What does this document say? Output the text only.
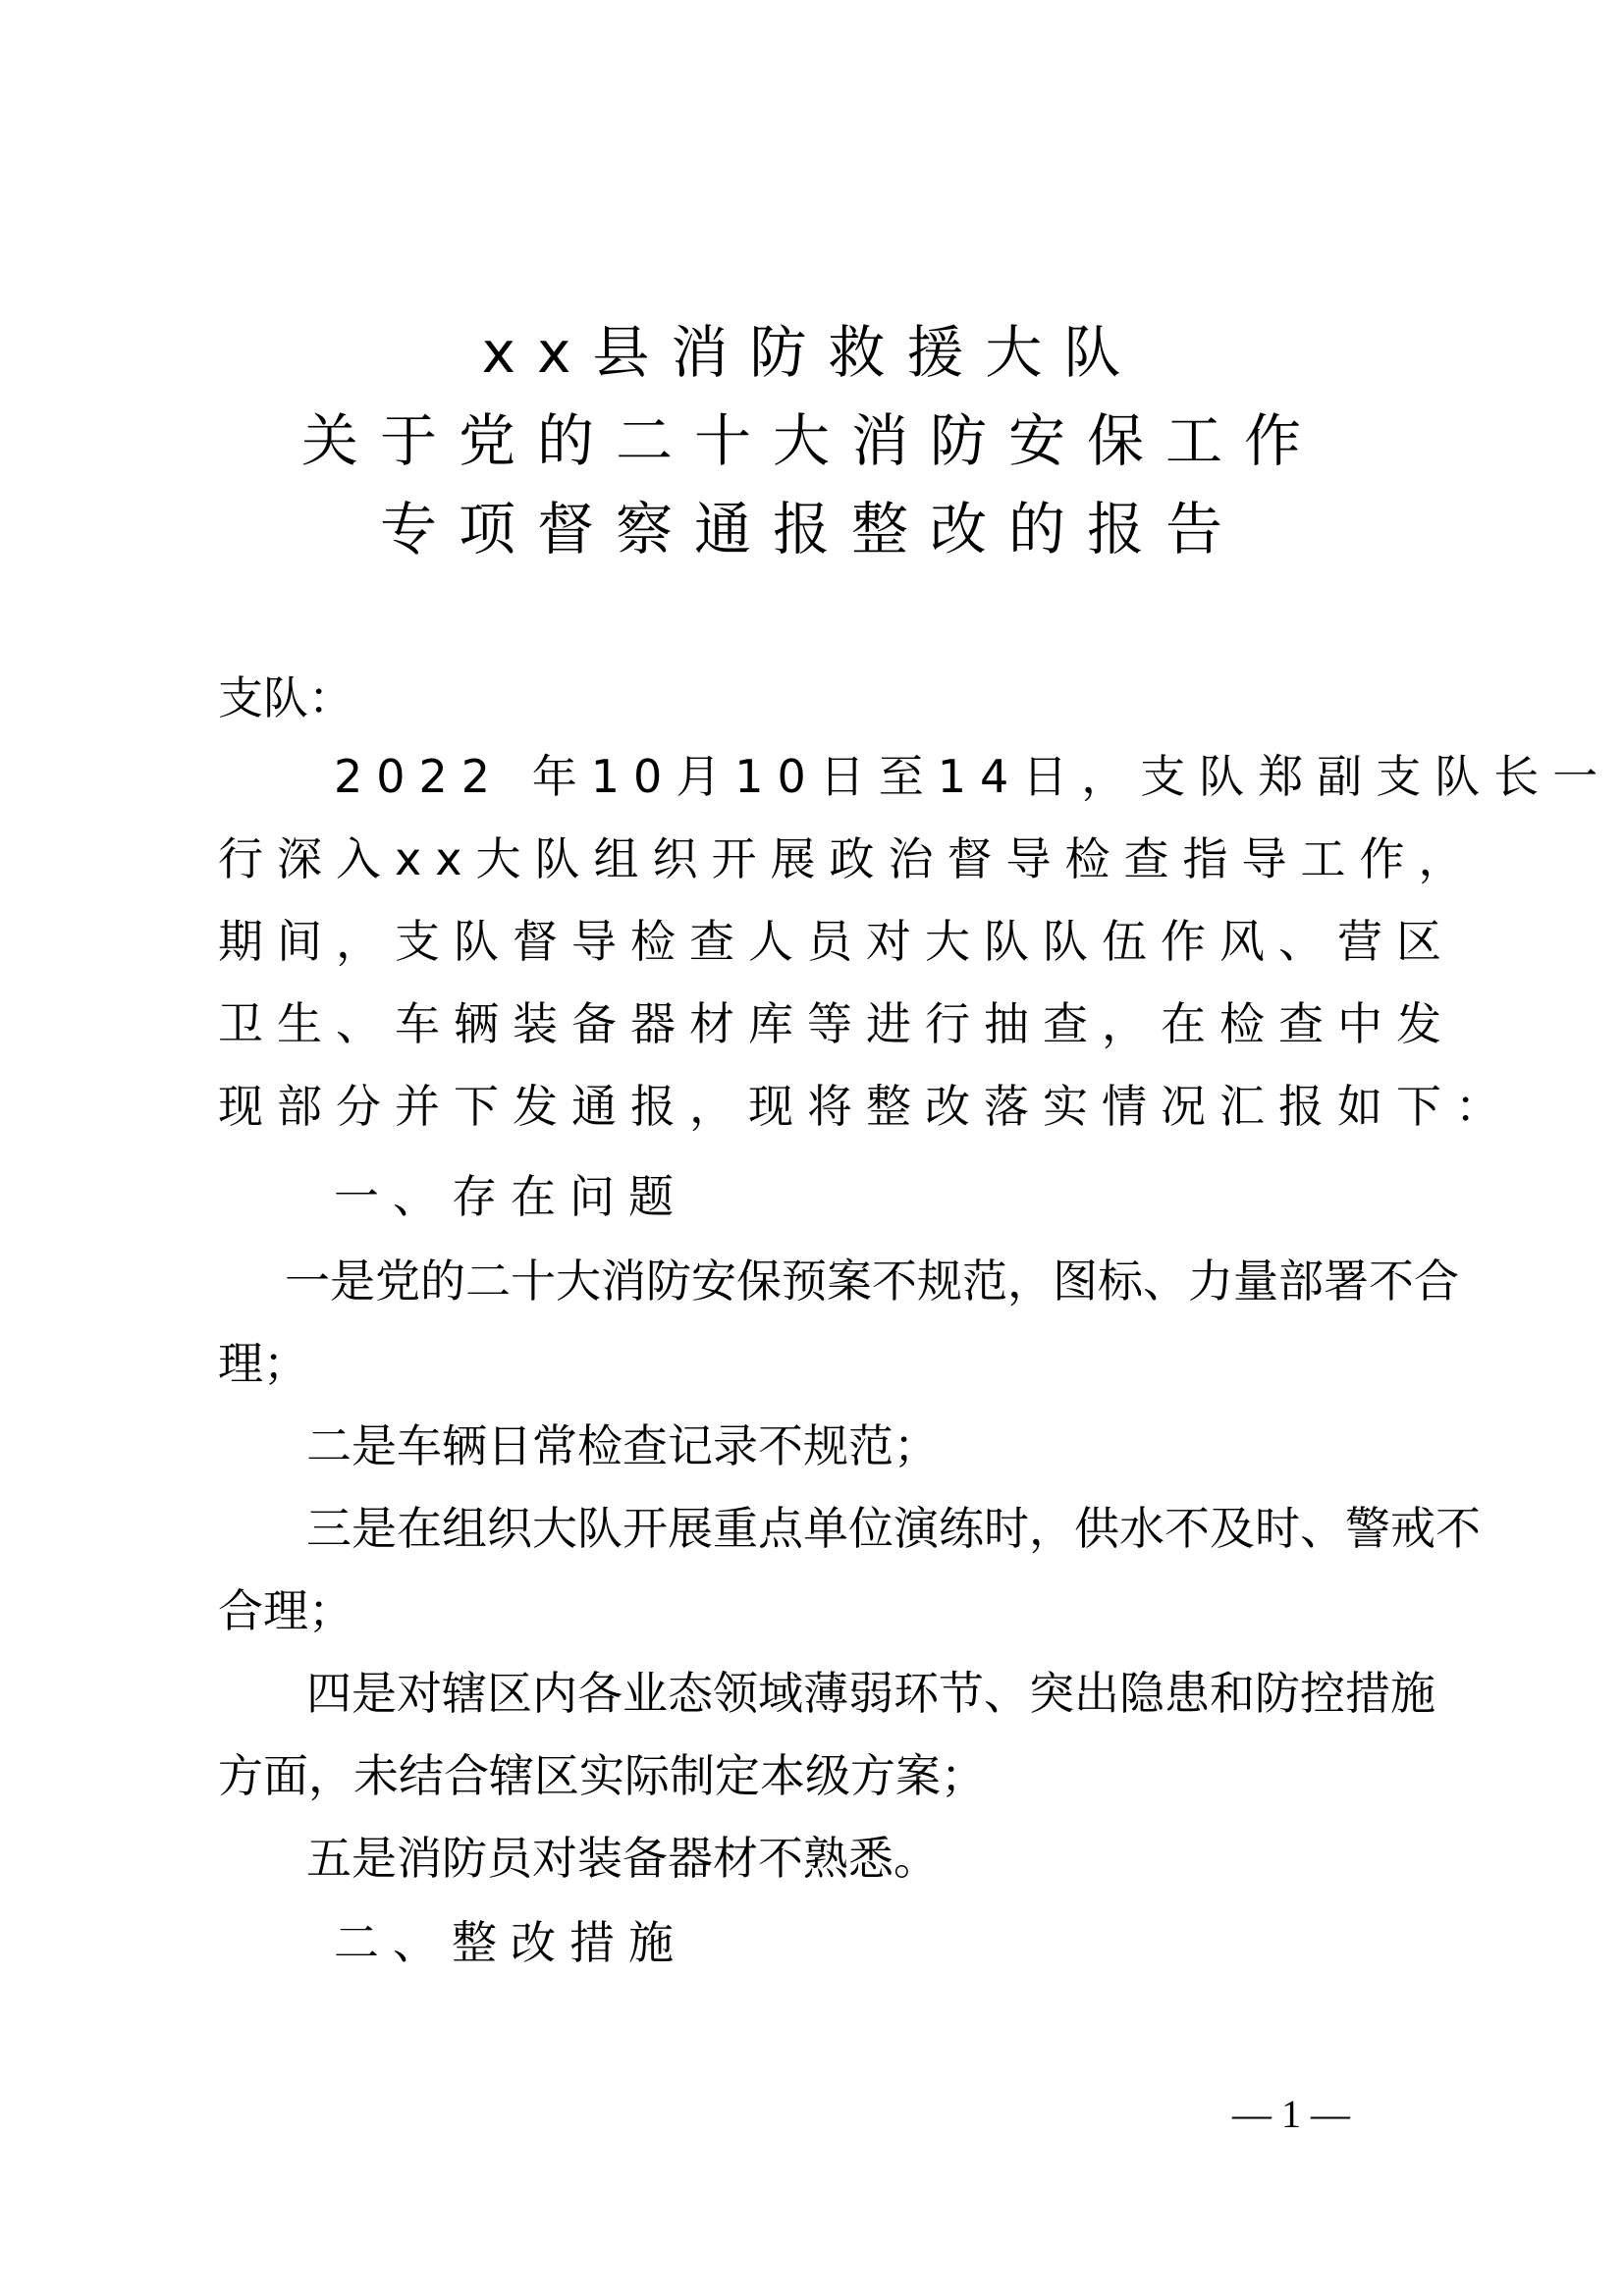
xx县消防救援大队
关于党的二十大消防安保工作
专项督察通报整改的报告
支队：
2022 年10月10日至14日，支队郑副支队长一
行深入xx大队组织开展政治督导检查指导工作，
期间，支队督导检查人员对大队队伍作风、营区
卫生、车辆装备器材库等进行抽查，在检查中发
现部分并下发通报，现将整改落实情况汇报如下：
一、存在问题
一是党的二十大消防安保预案不规范，图标、力量部署不合
理；
二是车辆日常检查记录不规范；
三是在组织大队开展重点单位演练时，供水不及时、警戒不
合理；
四是对辖区内各业态领域薄弱环节、突出隐患和防控措施
方面，未结合辖区实际制定本级方案；
五是消防员对装备器材不熟悉。
二、整改措施
— 1 —
